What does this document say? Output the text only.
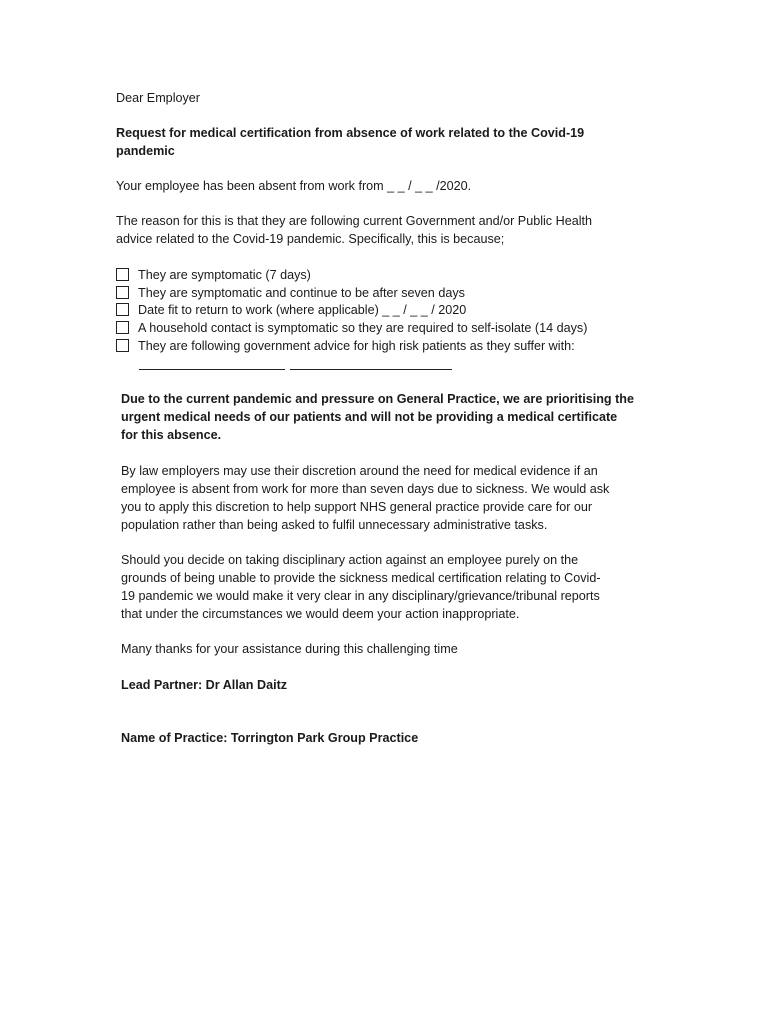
Dear Employer

Request for medical certification from absence of work related to the Covid-19
pandemic

Your employee has been absent from work from _ _ / _ _ /2020.

The reason for this is that they are following current Government and/or Public Health
advice related to the Covid-19 pandemic. Specifically, this is because;
They are symptomatic (7 days)
They are symptomatic and continue to be after seven days
Date fit to return to work (where applicable) _ _ / _ _ / 2020
A household contact is symptomatic so they are required to self-isolate (14 days)
They are following government advice for high risk patients as they suffer with:
Due to the current pandemic and pressure on General Practice, we are prioritising the
urgent medical needs of our patients and will not be providing a medical certificate
for this absence.
By law employers may use their discretion around the need for medical evidence if an
employee is absent from work for more than seven days due to sickness. We would ask
you to apply this discretion to help support NHS general practice provide care for our
population rather than being asked to fulfil unnecessary administrative tasks.
Should you decide on taking disciplinary action against an employee purely on the
grounds of being unable to provide the sickness medical certification relating to Covid-
19 pandemic we would make it very clear in any disciplinary/grievance/tribunal reports
that under the circumstances we would deem your action inappropriate.

Many thanks for your assistance during this challenging time

Lead Partner: Dr Allan Daitz

Name of Practice: Torrington Park Group Practice
